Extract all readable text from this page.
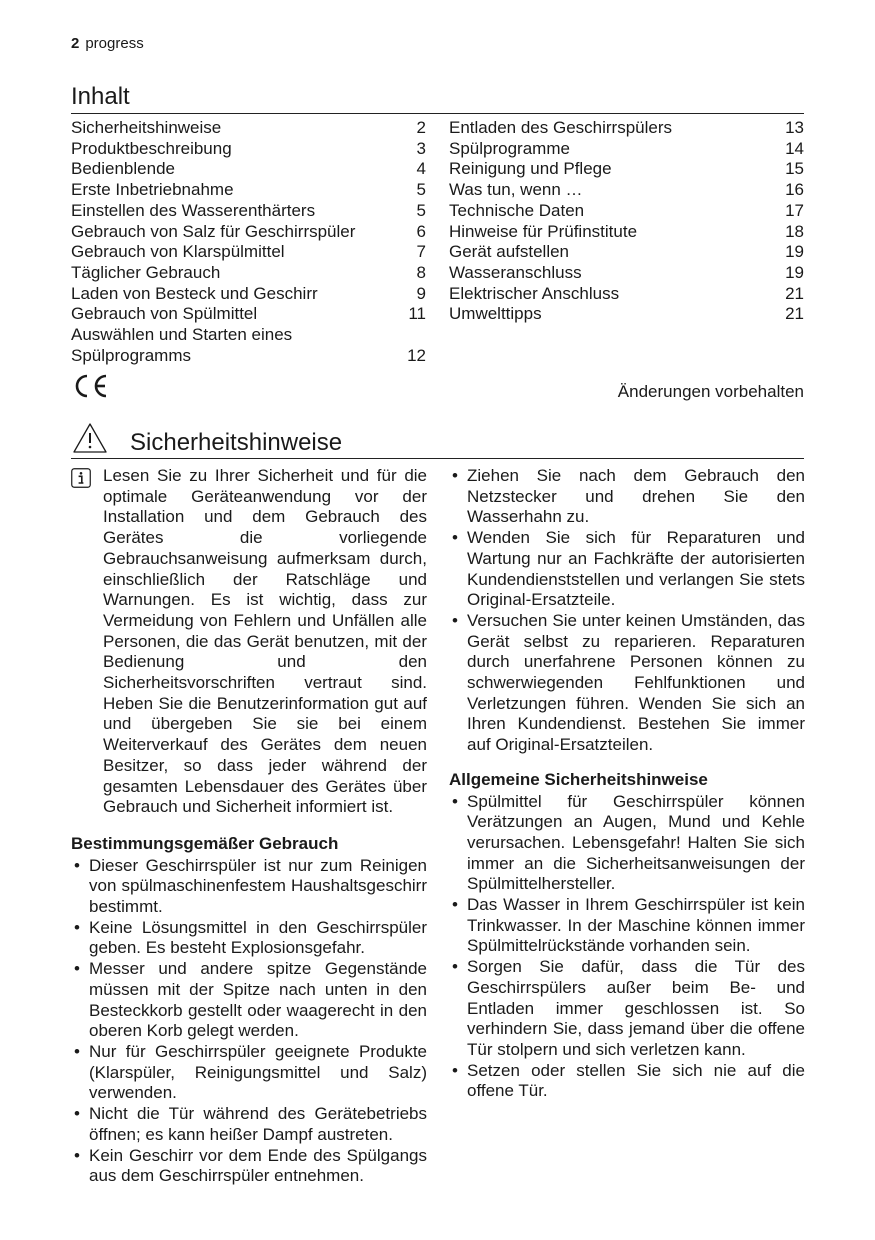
2 progress
Inhalt
Sicherheitshinweise	2
Produktbeschreibung	3
Bedienblende	4
Erste Inbetriebnahme	5
Einstellen des Wasserenthärters	5
Gebrauch von Salz für Geschirrspüler	6
Gebrauch von Klarspülmittel	7
Täglicher Gebrauch	8
Laden von Besteck und Geschirr	9
Gebrauch von Spülmittel	11
Auswählen und Starten eines
Spülprogramms	12
Entladen des Geschirrspülers	13
Spülprogramme	14
Reinigung und Pflege	15
Was tun, wenn …	16
Technische Daten	17
Hinweise für Prüfinstitute	18
Gerät aufstellen	19
Wasseranschluss	19
Elektrischer Anschluss	21
Umwelttipps	21
Änderungen vorbehalten
Sicherheitshinweise
Lesen Sie zu Ihrer Sicherheit und für die optimale Geräteanwendung vor der Installation und dem Gebrauch des Gerätes die vorliegende Gebrauchsanweisung aufmerksam durch, einschließlich der Ratschläge und Warnungen. Es ist wichtig, dass zur Vermeidung von Fehlern und Unfällen alle Personen, die das Gerät benutzen, mit der Bedienung und den Sicherheitsvorschriften vertraut sind. Heben Sie die Benutzerinformation gut auf und übergeben Sie sie bei einem Weiterverkauf des Gerätes dem neuen Besitzer, so dass jeder während der gesamten Lebensdauer des Gerätes über Gebrauch und Sicherheit informiert ist.
Bestimmungsgemäßer Gebrauch
• Dieser Geschirrspüler ist nur zum Reinigen von spülmaschinenfestem Haushaltsgeschirr bestimmt.
• Keine Lösungsmittel in den Geschirrspüler geben. Es besteht Explosionsgefahr.
• Messer und andere spitze Gegenstände müssen mit der Spitze nach unten in den Besteckkorb gestellt oder waagerecht in den oberen Korb gelegt werden.
• Nur für Geschirrspüler geeignete Produkte (Klarspüler, Reinigungsmittel und Salz) verwenden.
• Nicht die Tür während des Gerätebetriebs öffnen; es kann heißer Dampf austreten.
• Kein Geschirr vor dem Ende des Spülgangs aus dem Geschirrspüler entnehmen.
• Ziehen Sie nach dem Gebrauch den Netzstecker und drehen Sie den Wasserhahn zu.
• Wenden Sie sich für Reparaturen und Wartung nur an Fachkräfte der autorisierten Kundendienststellen und verlangen Sie stets Original-Ersatzteile.
• Versuchen Sie unter keinen Umständen, das Gerät selbst zu reparieren. Reparaturen durch unerfahrene Personen können zu schwerwiegenden Fehlfunktionen und Verletzungen führen. Wenden Sie sich an Ihren Kundendienst. Bestehen Sie immer auf Original-Ersatzteilen.
Allgemeine Sicherheitshinweise
• Spülmittel für Geschirrspüler können Verätzungen an Augen, Mund und Kehle verursachen. Lebensgefahr! Halten Sie sich immer an die Sicherheitsanweisungen der Spülmittelhersteller.
• Das Wasser in Ihrem Geschirrspüler ist kein Trinkwasser. In der Maschine können immer Spülmittelrückstände vorhanden sein.
• Sorgen Sie dafür, dass die Tür des Geschirrspülers außer beim Be- und Entladen immer geschlossen ist. So verhindern Sie, dass jemand über die offene Tür stolpern und sich verletzen kann.
• Setzen oder stellen Sie sich nie auf die offene Tür.
